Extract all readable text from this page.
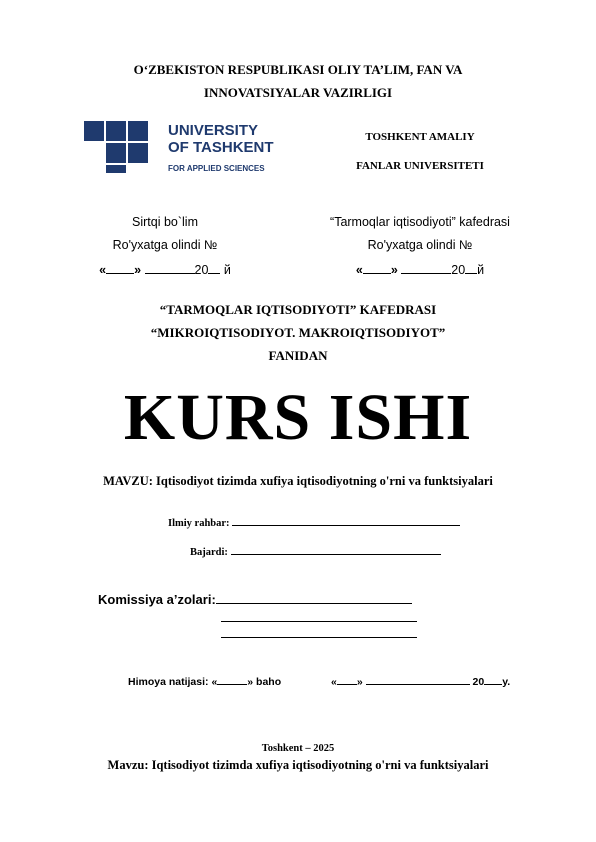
O‘ZBEKISTON RESPUBLIKASI OLIY TA’LIM, FAN VA
INNOVATSIYALAR VAZIRLIGI
UNIVERSITY
OF TASHKENT
FOR APPLIED SCIENCES
TOSHKENT AMALIY
FANLAR UNIVERSITETI
Sirtqi bo`lim
Ro'yxatga olindi №
« »	20 й
“Tarmoqlar iqtisodiyoti” kafedrasi
Ro'yxatga olindi №
« »	20 й
“TARMOQLAR IQTISODIYOTI” KAFEDRASI
“MIKROIQTISODIYOT. MAKROIQTISODIYOT”
FANIDAN
KURS ISHI
MAVZU: Iqtisodiyot tizimda xufiya iqtisodiyotning o'rni va funktsiyalari
Ilmiy rahbar:
Bajardi:
Komissiya a’zolari:
Himoya natijasi: «	» baho	« »	20 y.
Toshkent – 2025
Mavzu: Iqtisodiyot tizimda xufiya iqtisodiyotning o'rni va funktsiyalari
